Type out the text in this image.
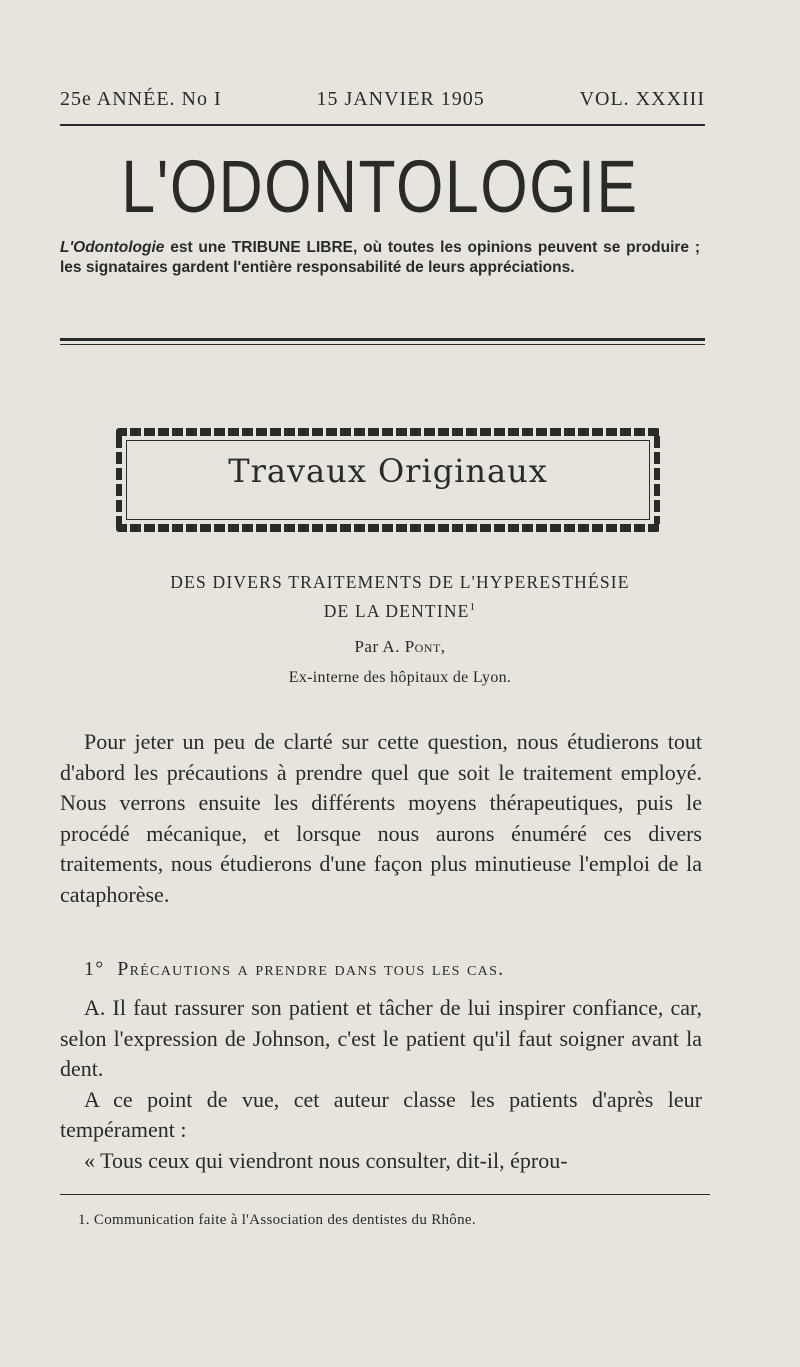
25e ANNÉE. No I	15 JANVIER 1905	VOL. XXXIII
L'ODONTOLOGIE
L'Odontologie est une TRIBUNE LIBRE, où toutes les opinions peuvent se produire ; les signataires gardent l'entière responsabilité de leurs appréciations.
Travaux Originaux
DES DIVERS TRAITEMENTS DE L'HYPERESTHÉSIE
DE LA DENTINE$^1$
Par A. Pont,
Ex-interne des hôpitaux de Lyon.

Pour jeter un peu de clarté sur cette question, nous étudierons tout d'abord les précautions à prendre quel que soit le traitement employé. Nous verrons ensuite les différents moyens thérapeutiques, puis le procédé mécanique, et lorsque nous aurons énuméré ces divers traitements, nous étudierons d'une façon plus minutieuse l'emploi de la cataphorèse.

1° Précautions a prendre dans tous les cas.

A. Il faut rassurer son patient et tâcher de lui inspirer confiance, car, selon l'expression de Johnson, c'est le patient qu'il faut soigner avant la dent.

A ce point de vue, cet auteur classe les patients d'après leur tempérament :

« Tous ceux qui viendront nous consulter, dit-il, éprou-

1. Communication faite à l'Association des dentistes du Rhône.
